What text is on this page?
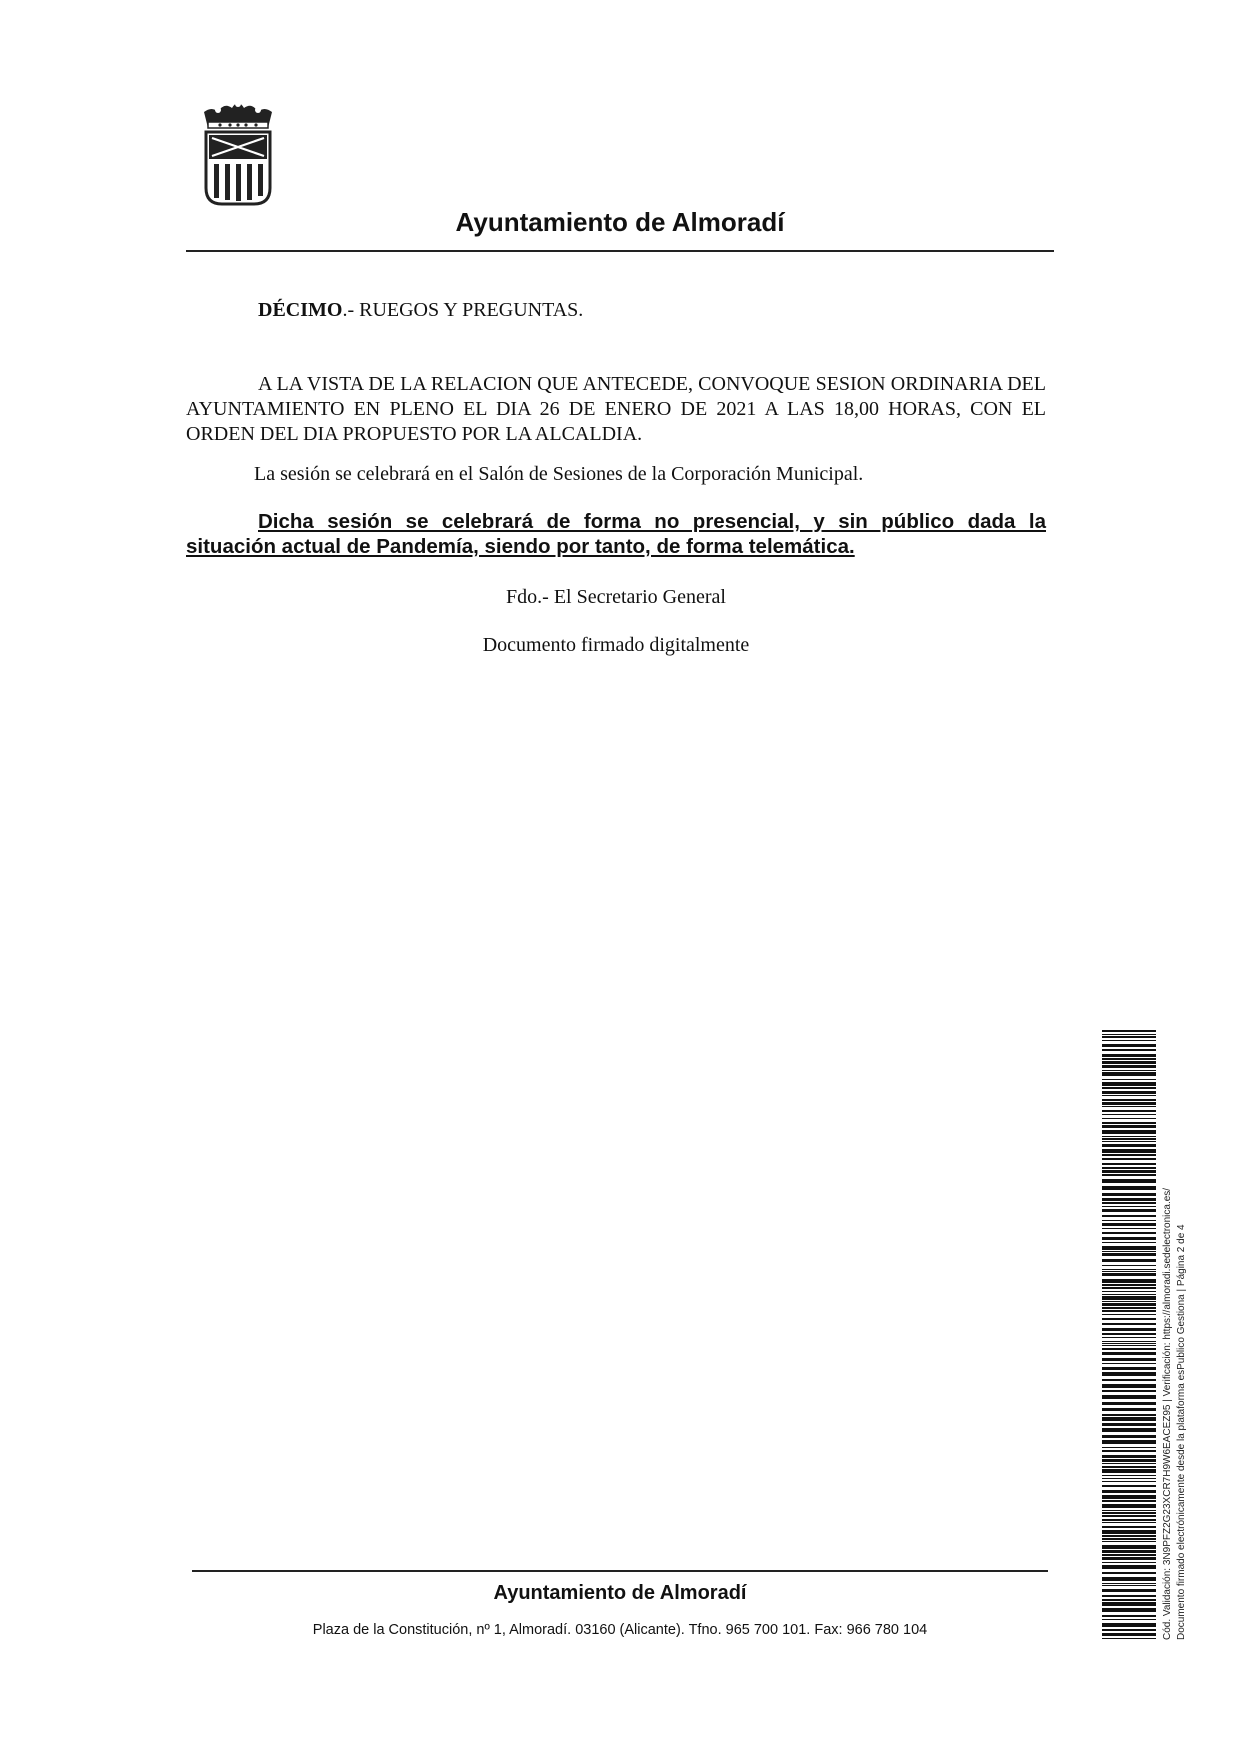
Ayuntamiento de Almoradí
DÉCIMO.- RUEGOS Y PREGUNTAS.
A LA VISTA DE LA RELACION QUE ANTECEDE, CONVOQUE SESION ORDINARIA DEL AYUNTAMIENTO EN PLENO EL DIA 26 DE ENERO DE 2021 A LAS 18,00 HORAS, CON EL ORDEN DEL DIA PROPUESTO POR LA ALCALDIA.
La sesión se celebrará en el Salón de Sesiones de la Corporación Municipal.
Dicha sesión se celebrará de forma no presencial, y sin público dada la situación actual de Pandemía, siendo por tanto, de forma telemática.
Fdo.- El Secretario General
Documento firmado digitalmente
Ayuntamiento de Almoradí
Plaza de la Constitución, nº 1, Almoradí. 03160 (Alicante). Tfno. 965 700 101. Fax: 966 780 104	Cód. Validación: 3N9PFZ2G23XCR7H9W6EACEZ95 | Verificación: https://almoradi.sedelectronica.es/ Documento firmado electrónicamente desde la plataforma esPublico Gestiona | Página 2 de 4
